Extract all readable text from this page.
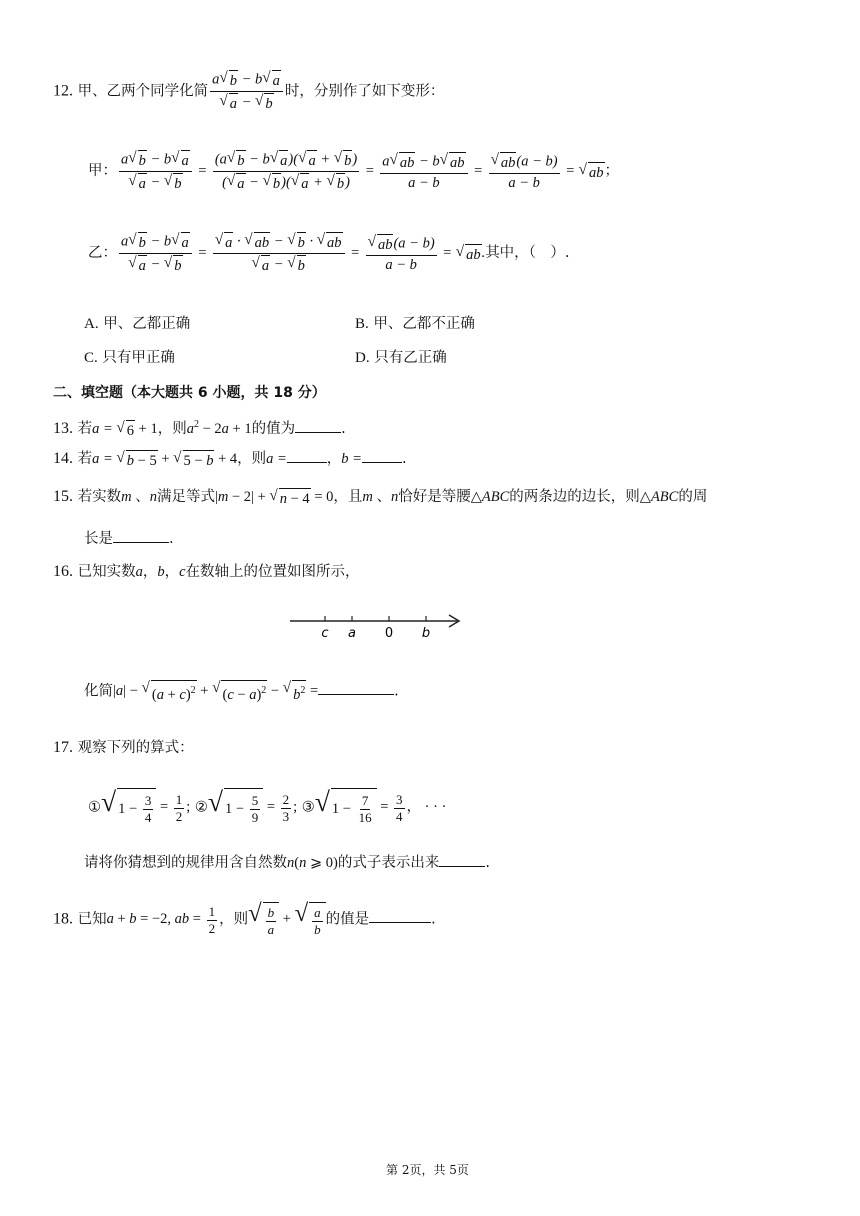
12. 甲、乙两个同学化简 $\frac{a √ b - b √ a}{√ a - √ b}$ 时，分别作了如下变形：
甲： $\frac{a √ b - b √ a}{√ a - √ b} = \frac{(a √ b - b √ a )( √ a + √ b )}{( √ a - √ b )( √ a + √ b )} = \frac{a √ ab - b √ ab}{a - b} = \frac{√ ab (a - b)}{a - b}$ = √ ab ；
乙： $\frac{a √ b - b √ a}{√ a - √ b} = \frac{√ a \cdot √ ab - √ b \cdot √ ab}{√ a - √ b} = \frac{√ ab (a - b)}{a - b}$ = √ ab .其中，（　）.
A. 甲、乙都正确	B. 甲、乙都不正确
C. 只有甲正确	D. 只有乙正确
二、填空题（本大题共 6 小题，共 18 分）
13. 若a = √ 6 + 1，则$a^2 - 2a + 1$的值为	.
14. 若a = √ b − 5 + √ 5 − b + 4，则a =	，b =	.
15. 若实数m 、n满足等式|m − 2| + √ n − 4 = 0，且m 、n恰好是等腰△ABC的两条边的边长，则△ABC的周
长是	.
16. 已知实数a，b，c在数轴上的位置如图所示，
c a 0 b
化简|a| − √ $(a + c)^2$ + √ $(c - a)^2$ − √ $b^2$ =	.
17. 观察下列的算式：
① √ $1 - \frac{3}{4} = \frac{1}{2}$ ; ② √ $1 - \frac{5}{9} = \frac{2}{3}$ ; ③ √ $1 - \frac{7}{16} = \frac{3}{4}$ ， · · ·
请将你猜想到的规律用含自然数n(n ⩾ 0)的式子表示出来	.
18. 已知a + b = −2, ab = $\frac{1}{2}$ ，则 √ $\frac{b}{a}$ + √ $\frac{a}{b}$ 的值是	.
第 2页，共 5页
